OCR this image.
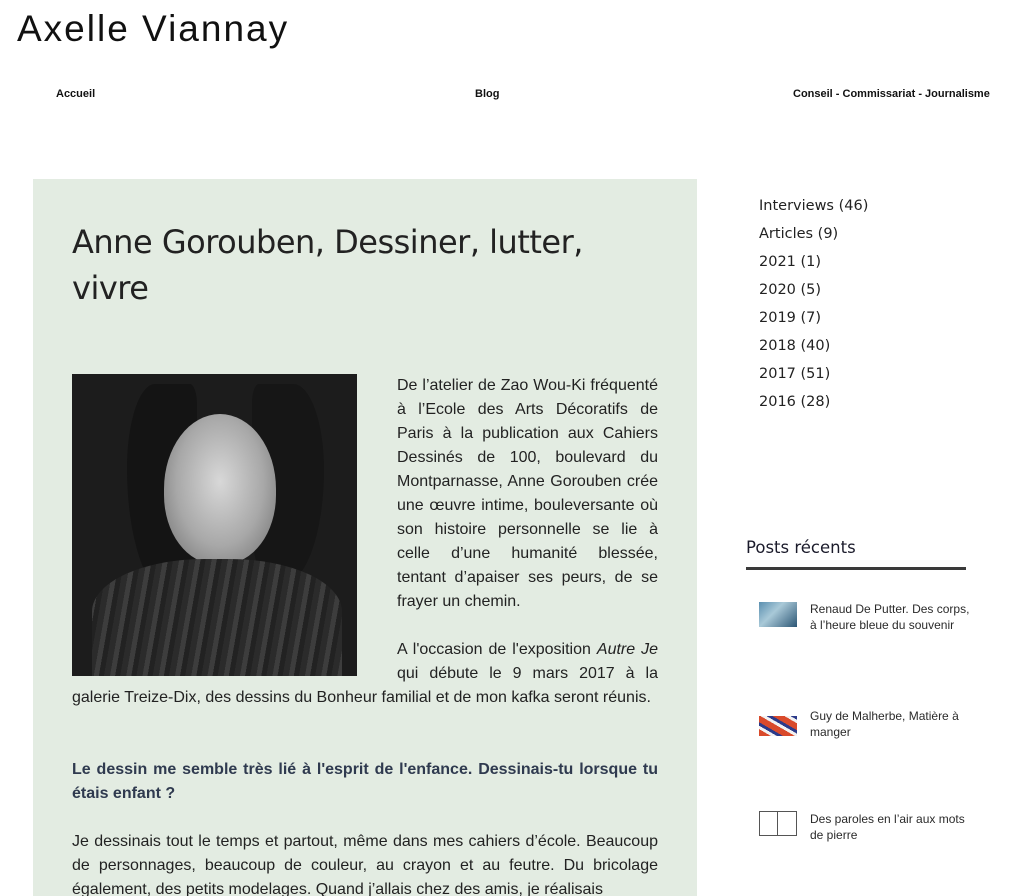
Axelle Viannay
Accueil	Blog	Conseil - Commissariat - Journalisme
Anne Gorouben, Dessiner, lutter, vivre

De l’atelier de Zao Wou-Ki fréquenté à l’Ecole des Arts Décoratifs de Paris à la publication aux Cahiers Dessinés de 100, boulevard du Montparnasse, Anne Gorouben crée une œuvre intime, bouleversante où son histoire personnelle se lie à celle d’une humanité blessée, tentant d’apaiser ses peurs, de se frayer un chemin.

A l'occasion de l'exposition Autre Je qui débute le 9 mars 2017 à la galerie Treize-Dix, des dessins du Bonheur familial et de mon kafka seront réunis.

Le dessin me semble très lié à l'esprit de l'enfance. Dessinais-tu lorsque tu étais enfant ?

Je dessinais tout le temps et partout, même dans mes cahiers d’école. Beaucoup de personnages, beaucoup de couleur, au crayon et au feutre. Du bricolage également, des petits modelages. Quand j’allais chez des amis, je réalisais

Interviews (46)
Articles (9)
2021 (1)
2020 (5)
2019 (7)
2018 (40)
2017 (51)
2016 (28)
Posts récents
Renaud De Putter. Des corps, à l’heure bleue du souvenir
Guy de Malherbe, Matière à manger
Des paroles en l’air aux mots de pierre
